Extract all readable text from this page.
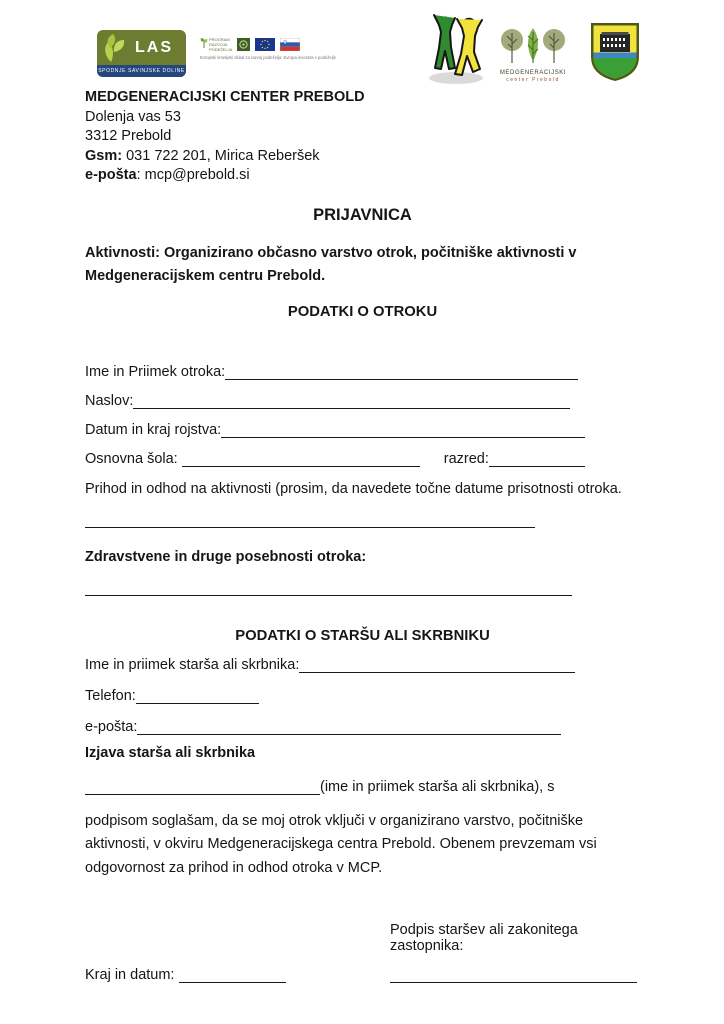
LAS
SPODNJE SAVINJSKE DOLINE
PROGRAM
RAZVOJA
PODEŽELJA
Evropski kmetijski sklad za razvoj podeželja: Evropa investira v podeželje
MEDGENERACIJSKI
center Prebold
MEDGENERACIJSKI CENTER PREBOLD
Dolenja vas 53
3312 Prebold
Gsm: 031 722 201, Mirica Reberšek
e-pošta: mcp@prebold.si
PRIJAVNICA
Aktivnosti: Organizirano občasno varstvo otrok, počitniške aktivnosti v Medgeneracijskem centru Prebold.
PODATKI O OTROKU
Ime in Priimek otroka:
Naslov:
Datum in kraj rojstva:
Osnovna šola:	razred:
Prihod in odhod na aktivnosti (prosim, da navedete točne datume prisotnosti otroka.
Zdravstvene in druge posebnosti otroka:
PODATKI O STARŠU ALI SKRBNIKU
Ime in priimek starša ali skrbnika:
Telefon:
e-pošta:
Izjava starša ali skrbnika
(ime in priimek starša ali skrbnika), s
podpisom soglašam, da se moj otrok vključi v organizirano varstvo, počitniške aktivnosti, v okviru Medgeneracijskega centra Prebold. Obenem prevzemam vsi odgovornost za prihod in odhod otroka v MCP.
Kraj in datum:
Podpis staršev ali zakonitega zastopnika:
